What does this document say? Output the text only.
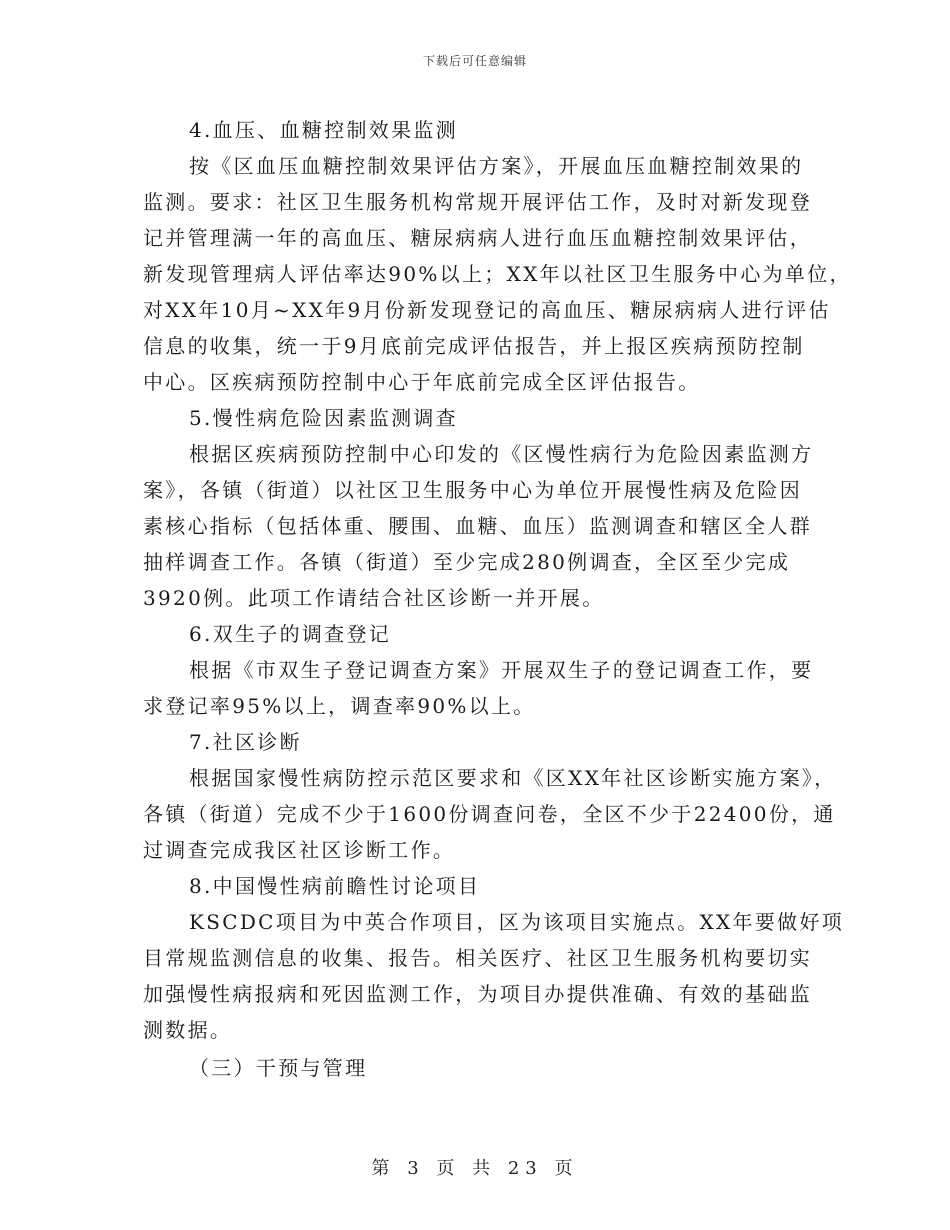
下载后可任意编辑
4.血压、血糖控制效果监测
按《区血压血糖控制效果评估方案》，开展血压血糖控制效果的
监测。要求：社区卫生服务机构常规开展评估工作，及时对新发现登
记并管理满一年的高血压、糖尿病病人进行血压血糖控制效果评估，
新发现管理病人评估率达90%以上；XX年以社区卫生服务中心为单位，
对XX年10月~XX年9月份新发现登记的高血压、糖尿病病人进行评估
信息的收集，统一于9月底前完成评估报告，并上报区疾病预防控制
中心。区疾病预防控制中心于年底前完成全区评估报告。
5.慢性病危险因素监测调查
根据区疾病预防控制中心印发的《区慢性病行为危险因素监测方
案》，各镇（街道）以社区卫生服务中心为单位开展慢性病及危险因
素核心指标（包括体重、腰围、血糖、血压）监测调查和辖区全人群
抽样调查工作。各镇（街道）至少完成280例调查，全区至少完成
3920例。此项工作请结合社区诊断一并开展。
6.双生子的调查登记
根据《市双生子登记调查方案》开展双生子的登记调查工作，要
求登记率95%以上，调查率90%以上。
7.社区诊断
根据国家慢性病防控示范区要求和《区XX年社区诊断实施方案》，
各镇（街道）完成不少于1600份调查问卷，全区不少于22400份，通
过调查完成我区社区诊断工作。
8.中国慢性病前瞻性讨论项目
KSCDC项目为中英合作项目，区为该项目实施点。XX年要做好项
目常规监测信息的收集、报告。相关医疗、社区卫生服务机构要切实
加强慢性病报病和死因监测工作，为项目办提供准确、有效的基础监
测数据。
（三）干预与管理
第 3 页 共 23 页
